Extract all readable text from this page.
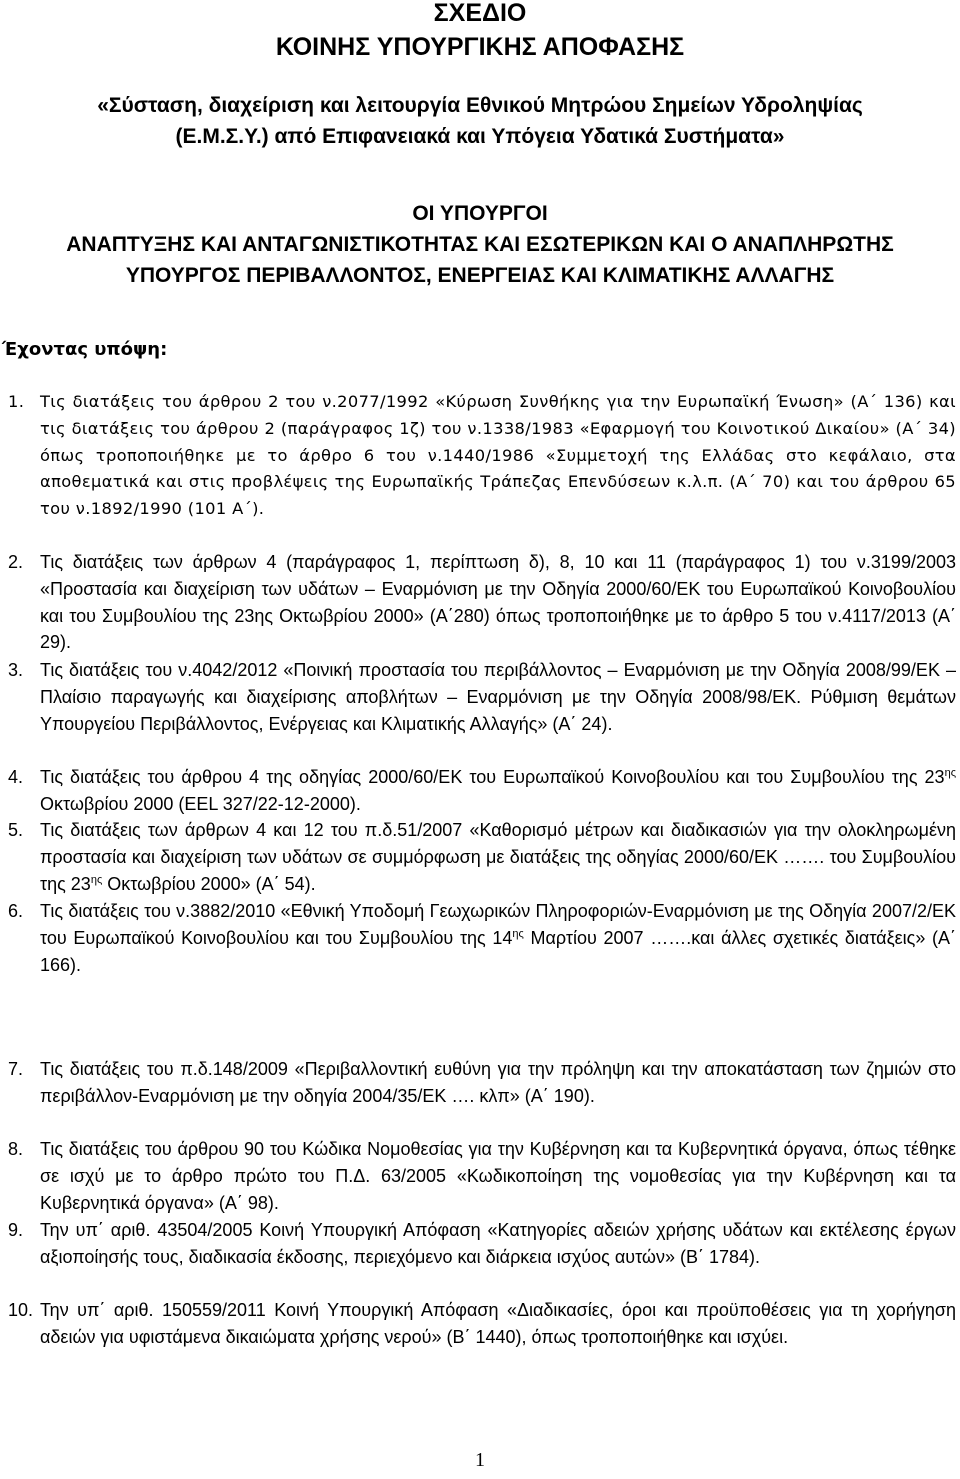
ΣΧΕΔΙΟ
ΚΟΙΝΗΣ ΥΠΟΥΡΓΙΚΗΣ ΑΠΟΦΑΣΗΣ
«Σύσταση, διαχείριση και λειτουργία Εθνικού Μητρώου Σημείων Υδροληψίας
(Ε.Μ.Σ.Υ.) από Επιφανειακά και Υπόγεια Υδατικά Συστήματα»
ΟΙ ΥΠΟΥΡΓΟΙ
ΑΝΑΠΤΥΞΗΣ ΚΑΙ ΑΝΤΑΓΩΝΙΣΤΙΚΟΤΗΤΑΣ ΚΑΙ ΕΣΩΤΕΡΙΚΩΝ ΚΑΙ Ο ΑΝΑΠΛΗΡΩΤΗΣ
ΥΠΟΥΡΓΟΣ ΠΕΡΙΒΑΛΛΟΝΤΟΣ, ΕΝΕΡΓΕΙΑΣ ΚΑΙ ΚΛΙΜΑΤΙΚΗΣ ΑΛΛΑΓΗΣ
Έχοντας υπόψη:
1. Τις διατάξεις του άρθρου 2 του ν.2077/1992 «Κύρωση Συνθήκης για την Ευρωπαϊκή Ένωση» (Α΄ 136) και τις διατάξεις του άρθρου 2 (παράγραφος 1ζ) του ν.1338/1983 «Εφαρμογή του Κοινοτικού Δικαίου» (Α΄ 34) όπως τροποποιήθηκε με το άρθρο 6 του ν.1440/1986 «Συμμετοχή της Ελλάδας στο κεφάλαιο, στα αποθεματικά και στις προβλέψεις της Ευρωπαϊκής Τράπεζας Επενδύσεων κ.λ.π. (Α΄ 70) και του άρθρου 65 του ν.1892/1990 (101 Α΄).
2. Τις διατάξεις των άρθρων 4 (παράγραφος 1, περίπτωση δ), 8, 10 και 11 (παράγραφος 1) του ν.3199/2003 «Προστασία και διαχείριση των υδάτων – Εναρμόνιση με την Οδηγία 2000/60/ΕΚ του Ευρωπαϊκού Κοινοβουλίου και του Συμβουλίου της 23ης Οκτωβρίου 2000» (Α΄280) όπως τροποποιήθηκε με το άρθρο 5 του ν.4117/2013 (Α΄ 29).
3. Τις διατάξεις του ν.4042/2012 «Ποινική προστασία του περιβάλλοντος – Εναρμόνιση με την Οδηγία 2008/99/ΕΚ – Πλαίσιο παραγωγής και διαχείρισης αποβλήτων – Εναρμόνιση με την Οδηγία 2008/98/ΕΚ. Ρύθμιση θεμάτων Υπουργείου Περιβάλλοντος, Ενέργειας και Κλιματικής Αλλαγής» (Α΄ 24).
4. Τις διατάξεις του άρθρου 4 της οδηγίας 2000/60/ΕΚ του Ευρωπαϊκού Κοινοβουλίου και του Συμβουλίου της $23^{\eta\varsigma}$ Οκτωβρίου 2000 (ΕΕL 327/22-12-2000).
5. Τις διατάξεις των άρθρων 4 και 12 του π.δ.51/2007 «Καθορισμό μέτρων και διαδικασιών για την ολοκληρωμένη προστασία και διαχείριση των υδάτων σε συμμόρφωση με διατάξεις της οδηγίας 2000/60/ΕΚ ……. του Συμβουλίου της $23^{\eta\varsigma}$ Οκτωβρίου 2000» (Α΄ 54).
6. Τις διατάξεις του ν.3882/2010 «Εθνική Υποδομή Γεωχωρικών Πληροφοριών-Εναρμόνιση με της Οδηγία 2007/2/ΕΚ του Ευρωπαϊκού Κοινοβουλίου και του Συμβουλίου της $14^{\eta\varsigma}$ Μαρτίου 2007 …….και άλλες σχετικές διατάξεις» (Α΄ 166).
7. Τις διατάξεις του π.δ.148/2009 «Περιβαλλοντική ευθύνη για την πρόληψη και την αποκατάσταση των ζημιών στο περιβάλλον-Εναρμόνιση με την οδηγία 2004/35/ΕΚ …. κλπ» (Α΄ 190).
8. Τις διατάξεις του άρθρου 90 του Κώδικα Νομοθεσίας για την Κυβέρνηση και τα Κυβερνητικά όργανα, όπως τέθηκε σε ισχύ με το άρθρο πρώτο του Π.Δ. 63/2005 «Κωδικοποίηση της νομοθεσίας για την Κυβέρνηση και τα Κυβερνητικά όργανα» (Α΄ 98).
9. Την υπ΄ αριθ. 43504/2005 Κοινή Υπουργική Απόφαση «Κατηγορίες αδειών χρήσης υδάτων και εκτέλεσης έργων αξιοποίησής τους, διαδικασία έκδοσης, περιεχόμενο και διάρκεια ισχύος αυτών» (Β΄ 1784).
10. Την υπ΄ αριθ. 150559/2011 Κοινή Υπουργική Απόφαση «Διαδικασίες, όροι και προϋποθέσεις για τη χορήγηση αδειών για υφιστάμενα δικαιώματα χρήσης νερού» (Β΄ 1440), όπως τροποποιήθηκε και ισχύει.
1
